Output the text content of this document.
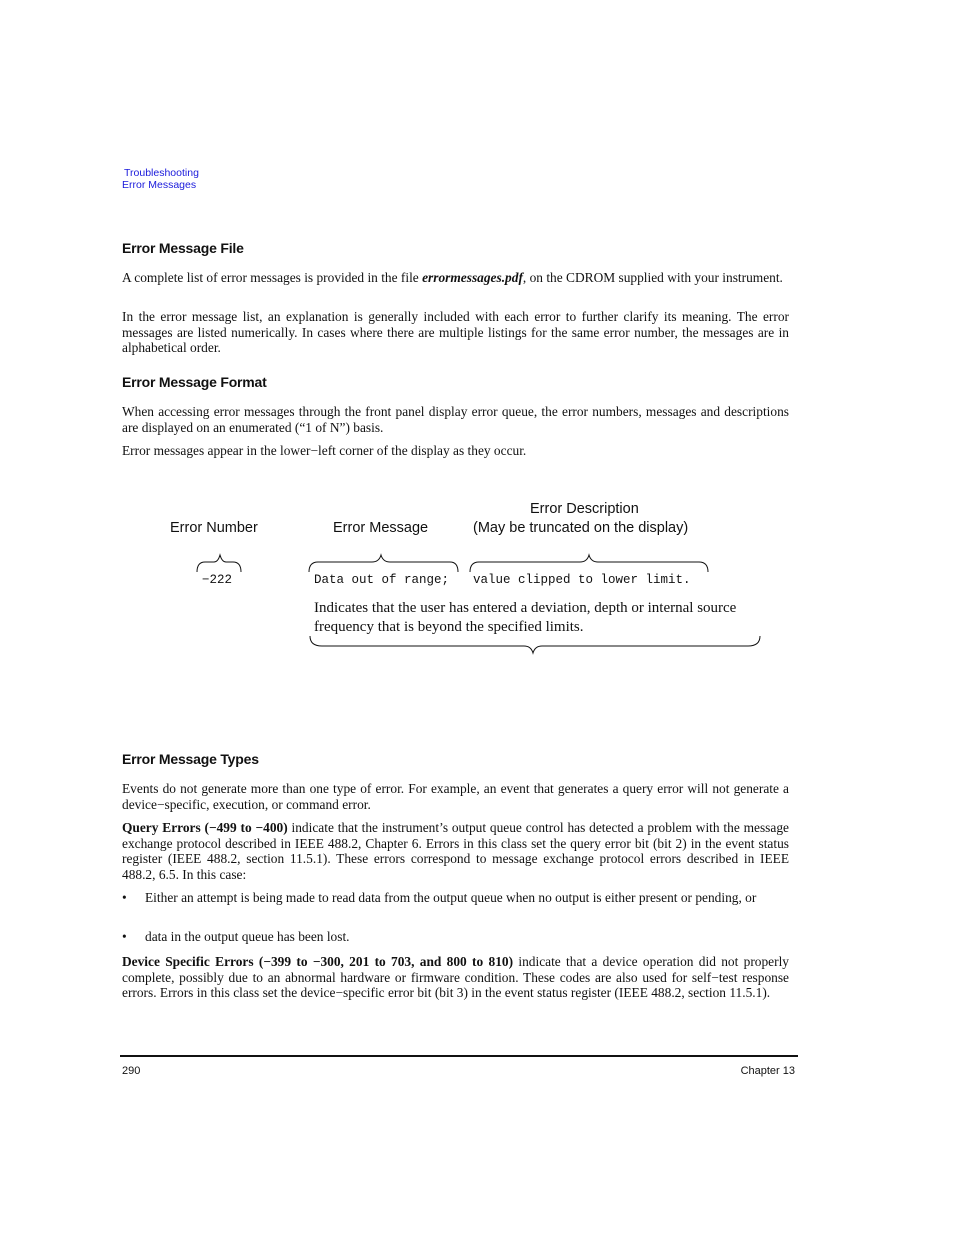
Troubleshooting
Error Messages
Error Message File

A complete list of error messages is provided in the file errormessages.pdf, on the CDROM supplied with your instrument.

In the error message list, an explanation is generally included with each error to further clarify its meaning. The error messages are listed numerically. In cases where there are multiple listings for the same error number, the messages are in alphabetical order.

Error Message Format

When accessing error messages through the front panel display error queue, the error numbers, messages and descriptions are displayed on an enumerated (“1 of N”) basis.

Error messages appear in the lower−left corner of the display as they occur.

Error Number	Error Message
Error Description
(May be truncated on the display)
−222	Data out of range; value clipped to lower limit.
Indicates that the user has entered a deviation, depth or internal source frequency that is beyond the specified limits.
Error Message Types

Events do not generate more than one type of error. For example, an event that generates a query error will not generate a device−specific, execution, or command error.

Query Errors (−499 to −400) indicate that the instrument’s output queue control has detected a problem with the message exchange protocol described in IEEE 488.2, Chapter 6. Errors in this class set the query error bit (bit 2) in the event status register (IEEE 488.2, section 11.5.1). These errors correspond to message exchange protocol errors described in IEEE 488.2, 6.5. In this case:

• Either an attempt is being made to read data from the output queue when no output is either present or pending, or
• data in the output queue has been lost.

Device Specific Errors (−399 to −300, 201 to 703, and 800 to 810) indicate that a device operation did not properly complete, possibly due to an abnormal hardware or firmware condition. These codes are also used for self−test response errors. Errors in this class set the device−specific error bit (bit 3) in the event status register (IEEE 488.2, section 11.5.1).

290	Chapter 13
